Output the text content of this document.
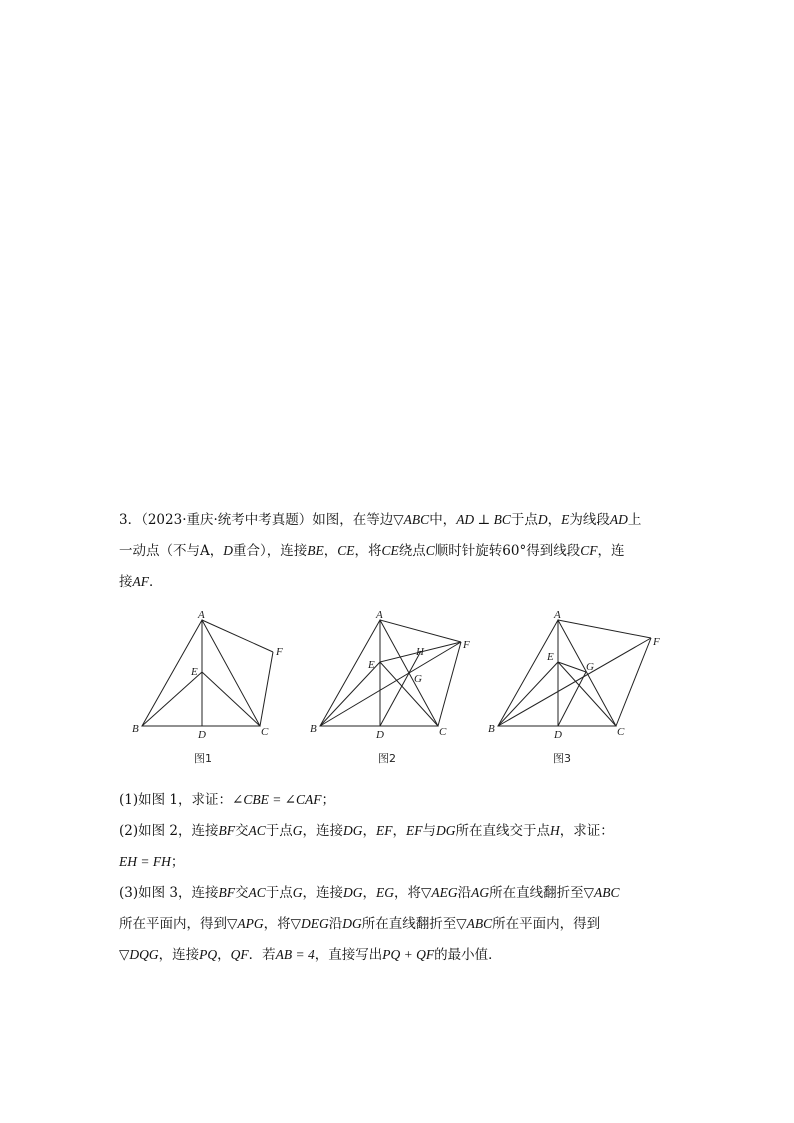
3．（2023·重庆·统考中考真题）如图，在等边▽ABC中，AD ⊥ BC于点D，E为线段AD上
一动点（不与A，D重合），连接BE，CE，将CE绕点C顺时针旋转60°得到线段CF，连
接AF．
A
B	C
D
E
F
图1
A
B	C
D
E
F
G
H
图2
A
B	C
D
E
F
G
图3
(1)如图 1，求证：∠CBE = ∠CAF；
(2)如图 2，连接BF交AC于点G，连接DG，EF，EF与DG所在直线交于点H，求证：
EH = FH；
(3)如图 3，连接BF交AC于点G，连接DG，EG，将▽AEG沿AG所在直线翻折至▽ABC
所在平面内，得到▽APG，将▽DEG沿DG所在直线翻折至▽ABC所在平面内，得到
▽DQG，连接PQ，QF．若AB = 4，直接写出PQ + QF的最小值．
